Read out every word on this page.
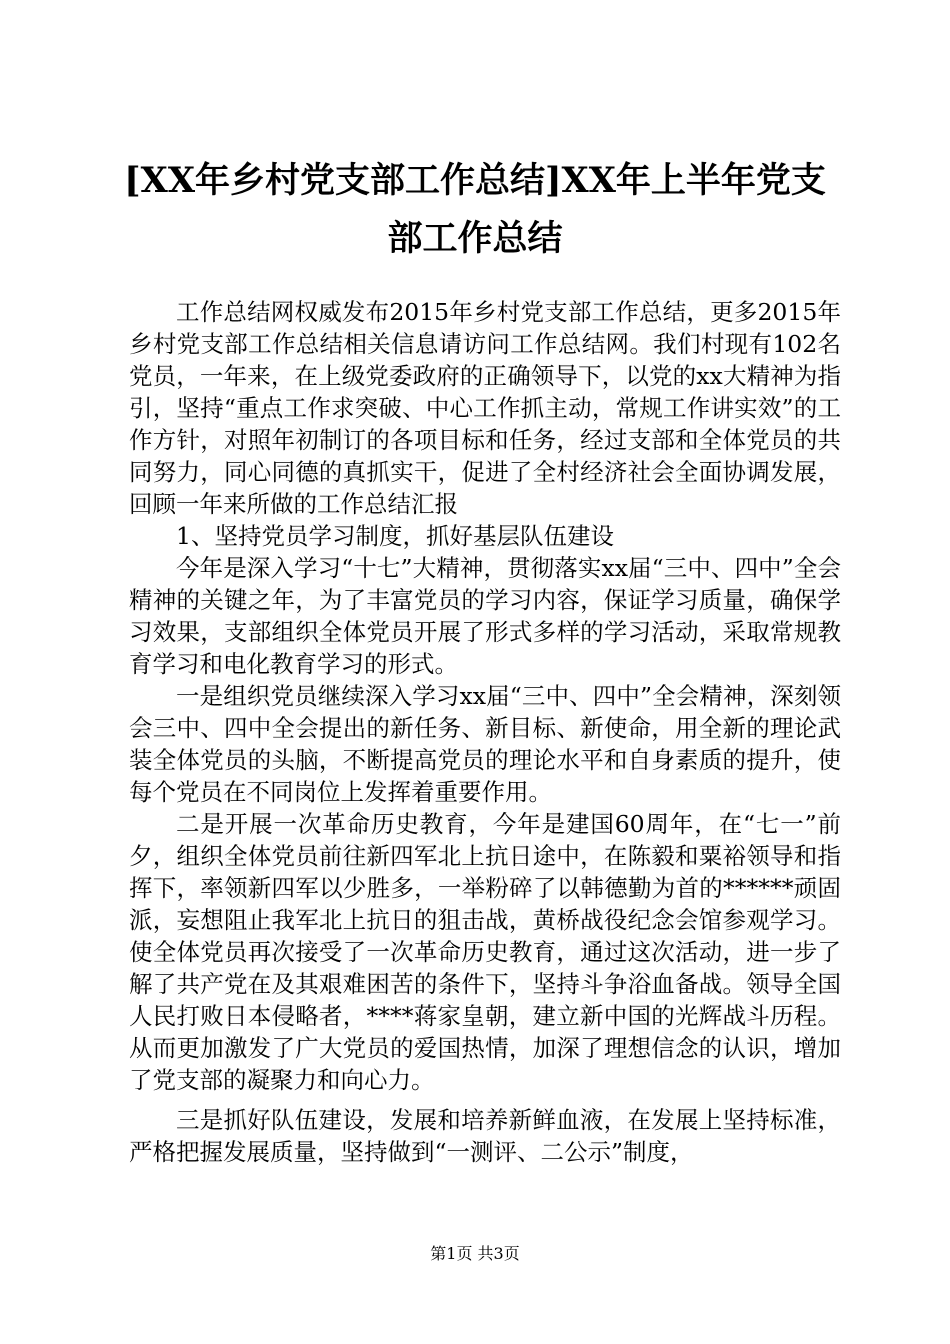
[XX年乡村党支部工作总结]XX年上半年党支部工作总结

工作总结网权威发布2015年乡村党支部工作总结，更多2015年乡村党支部工作总结相关信息请访问工作总结网。我们村现有102名党员，一年来，在上级党委政府的正确领导下，以党的xx大精神为指引，坚持“重点工作求突破、中心工作抓主动，常规工作讲实效”的工作方针，对照年初制订的各项目标和任务，经过支部和全体党员的共同努力，同心同德的真抓实干，促进了全村经济社会全面协调发展，回顾一年来所做的工作总结汇报

1、坚持党员学习制度，抓好基层队伍建设

今年是深入学习“十七”大精神，贯彻落实xx届“三中、四中”全会精神的关键之年，为了丰富党员的学习内容，保证学习质量，确保学习效果，支部组织全体党员开展了形式多样的学习活动，采取常规教育学习和电化教育学习的形式。

一是组织党员继续深入学习xx届“三中、四中”全会精神，深刻领会三中、四中全会提出的新任务、新目标、新使命，用全新的理论武装全体党员的头脑，不断提高党员的理论水平和自身素质的提升，使每个党员在不同岗位上发挥着重要作用。

二是开展一次革命历史教育，今年是建国60周年，在“七一”前夕，组织全体党员前往新四军北上抗日途中，在陈毅和粟裕领导和指挥下，率领新四军以少胜多，一举粉碎了以韩德勤为首的******顽固派，妄想阻止我军北上抗日的狙击战，黄桥战役纪念会馆参观学习。使全体党员再次接受了一次革命历史教育，通过这次活动，进一步了解了共产党在及其艰难困苦的条件下，坚持斗争浴血备战。领导全国人民打败日本侵略者，****蒋家皇朝，建立新中国的光辉战斗历程。从而更加激发了广大党员的爱国热情，加深了理想信念的认识，增加了党支部的凝聚力和向心力。

三是抓好队伍建设，发展和培养新鲜血液，在发展上坚持标准，严格把握发展质量，坚持做到“一测评、二公示”制度，

第1页 共3页
